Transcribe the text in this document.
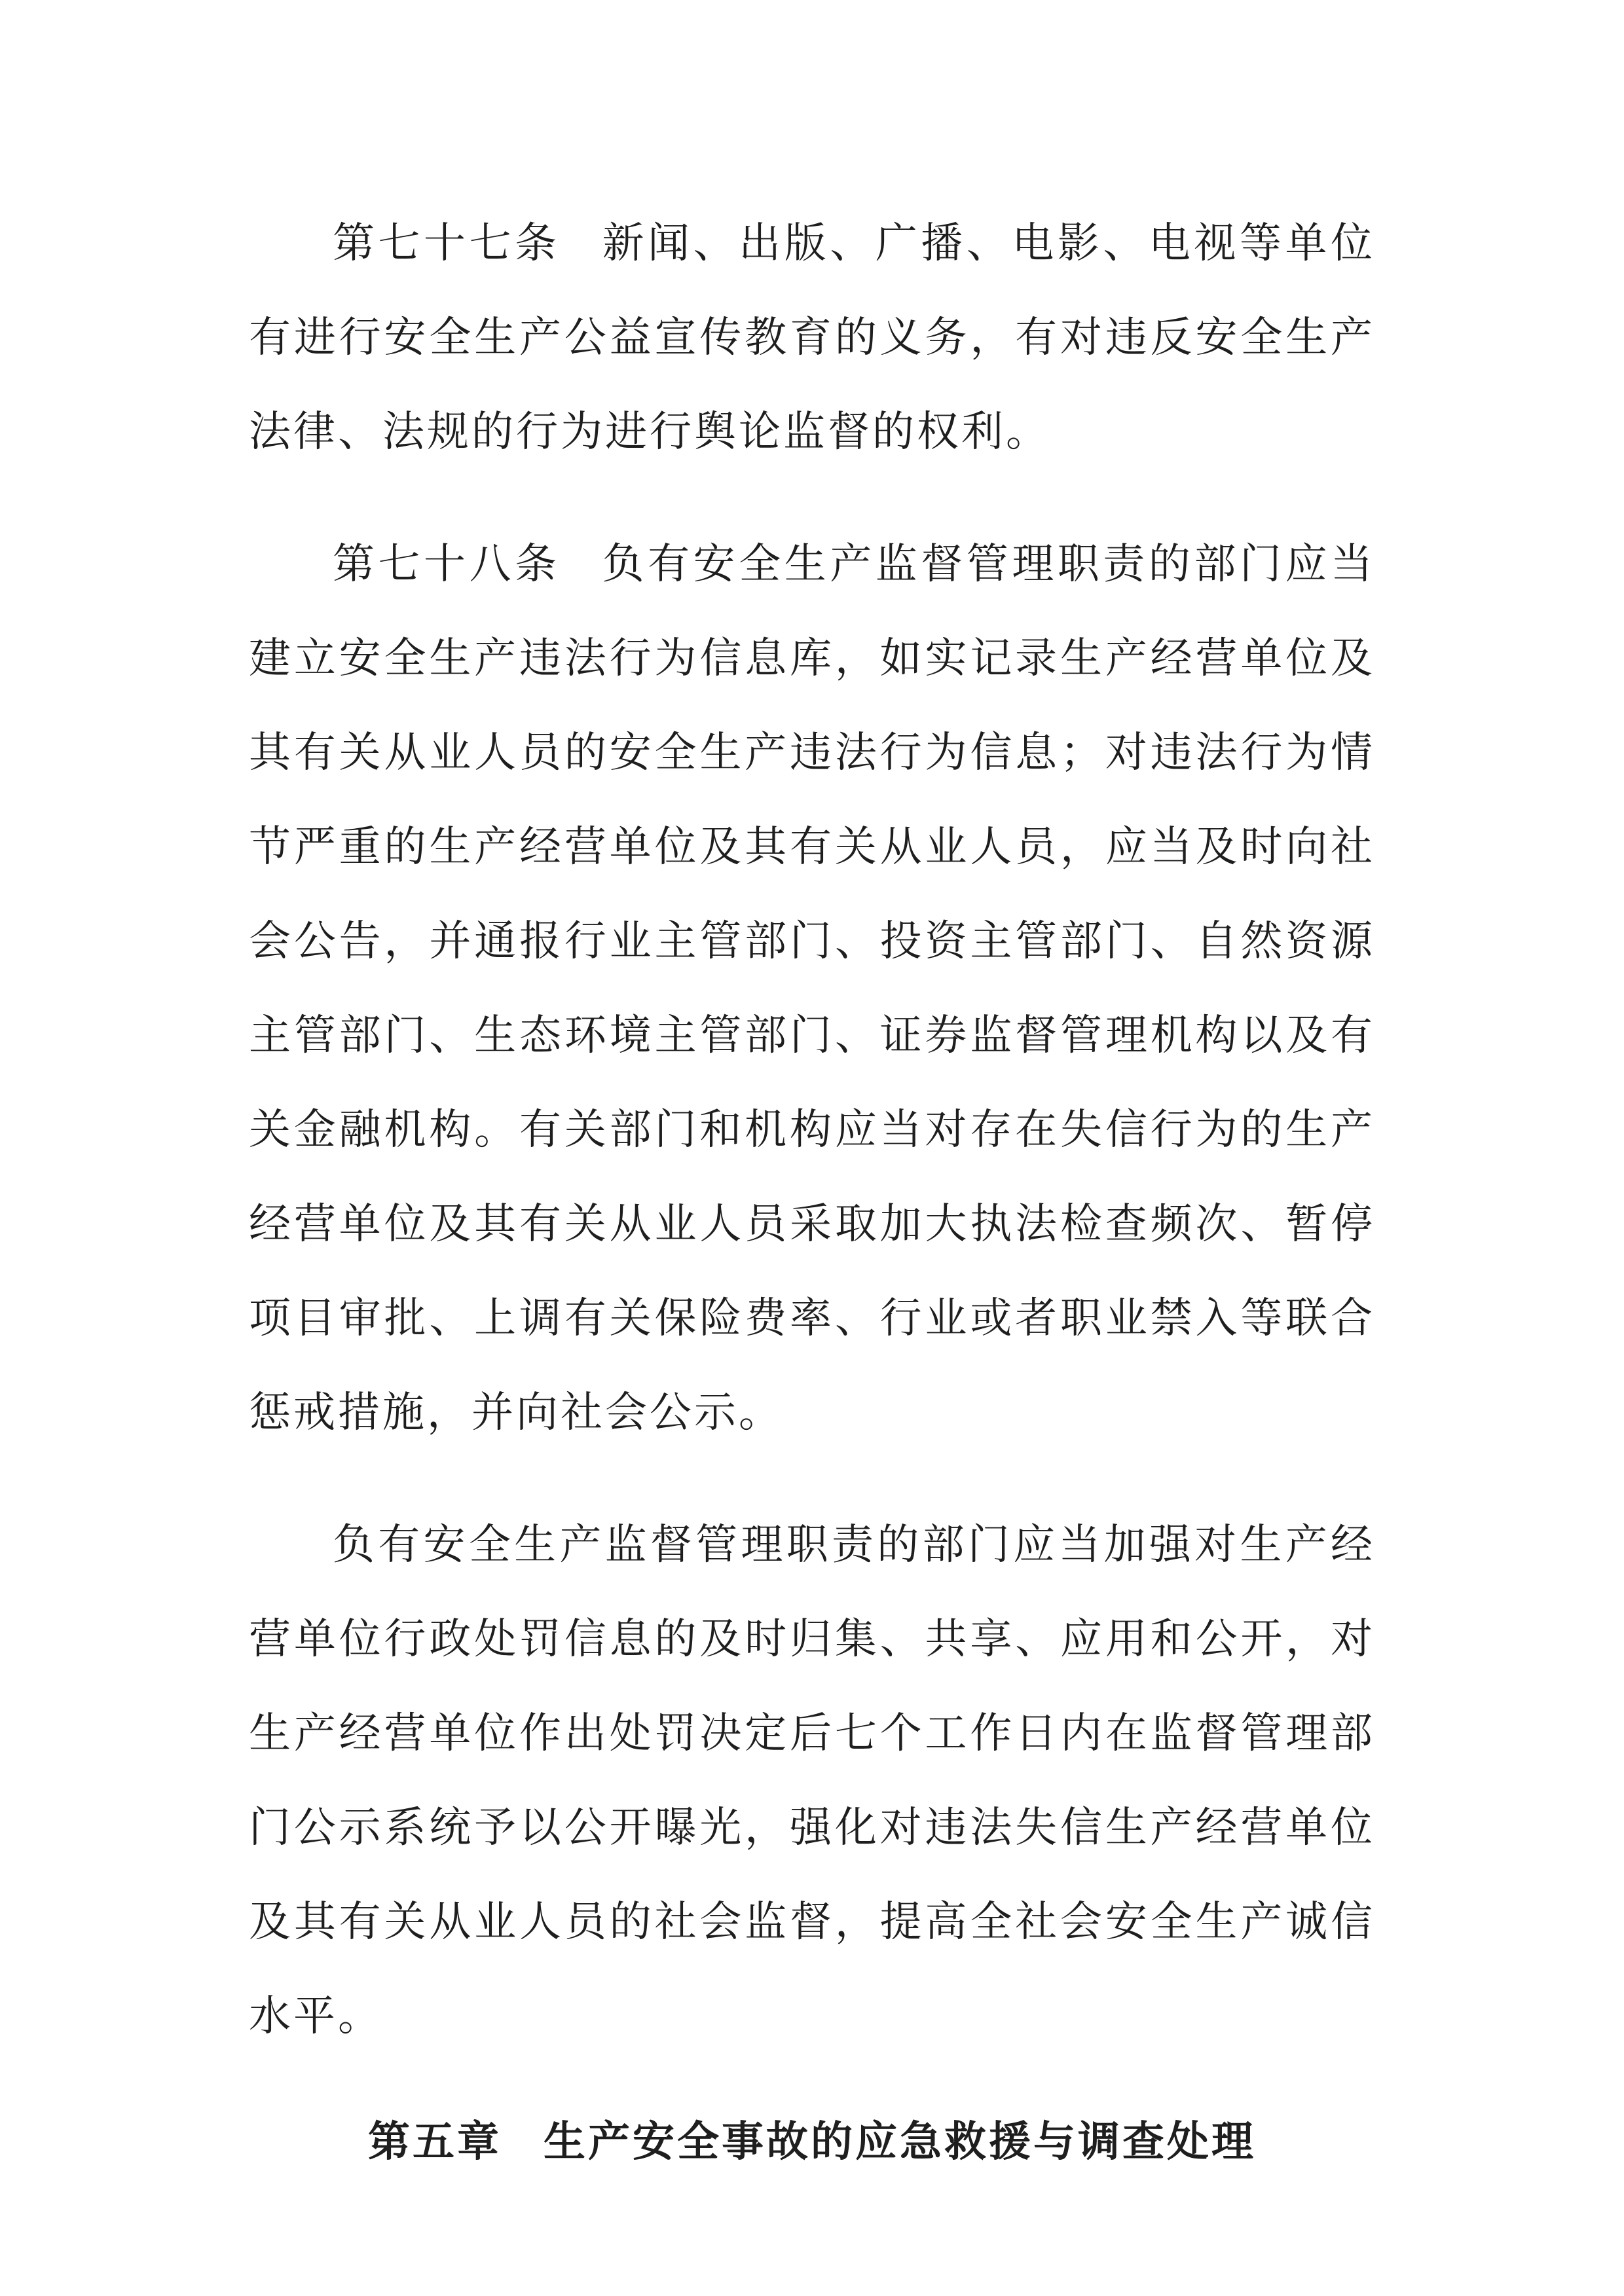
第七十七条 新闻、出版、广播、电影、电视等单位有进行安全生产公益宣传教育的义务，有对违反安全生产法律、法规的行为进行舆论监督的权利。

第七十八条 负有安全生产监督管理职责的部门应当建立安全生产违法行为信息库，如实记录生产经营单位及其有关从业人员的安全生产违法行为信息；对违法行为情节严重的生产经营单位及其有关从业人员，应当及时向社会公告，并通报行业主管部门、投资主管部门、自然资源主管部门、生态环境主管部门、证券监督管理机构以及有关金融机构。有关部门和机构应当对存在失信行为的生产经营单位及其有关从业人员采取加大执法检查频次、暂停项目审批、上调有关保险费率、行业或者职业禁入等联合惩戒措施，并向社会公示。

负有安全生产监督管理职责的部门应当加强对生产经营单位行政处罚信息的及时归集、共享、应用和公开，对生产经营单位作出处罚决定后七个工作日内在监督管理部门公示系统予以公开曝光，强化对违法失信生产经营单位及其有关从业人员的社会监督，提高全社会安全生产诚信水平。

第五章 生产安全事故的应急救援与调查处理
